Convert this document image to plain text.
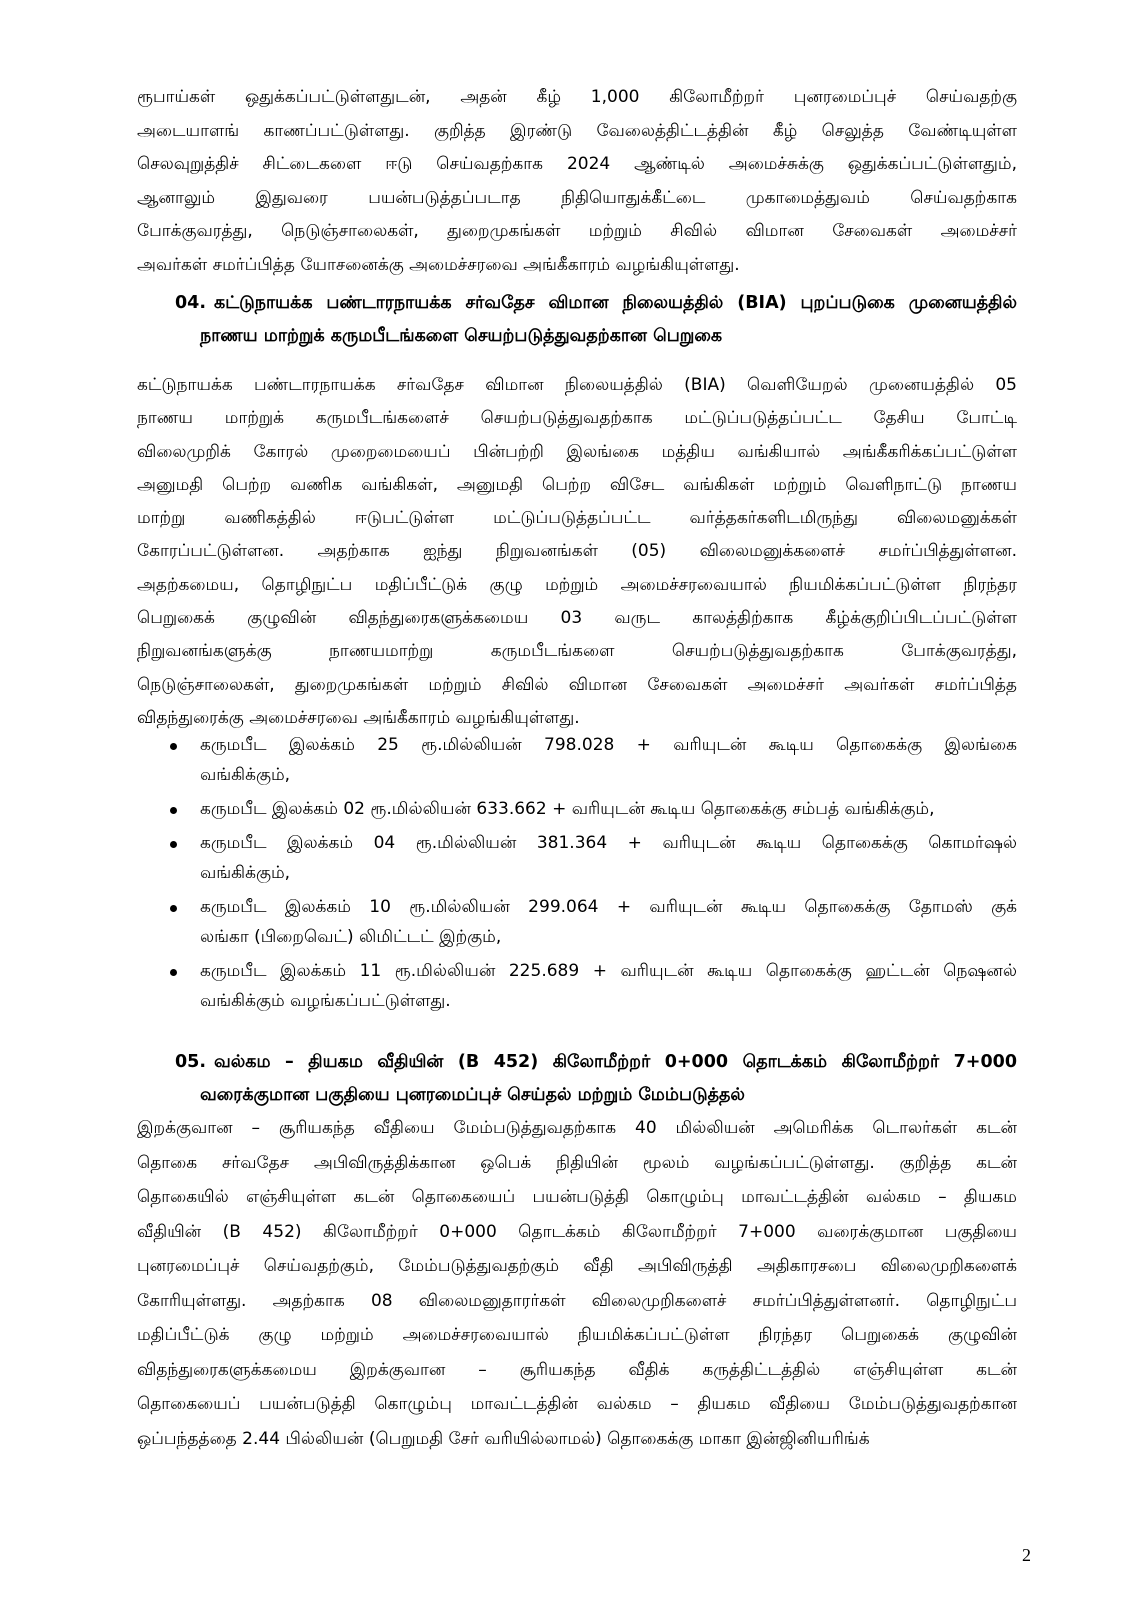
ரூபாய்கள் ஒதுக்கப்பட்டுள்ளதுடன், அதன் கீழ் 1,000 கிலோமீற்றர் புனரமைப்புச் செய்வதற்கு
அடையாளங் காணப்பட்டுள்ளது. குறித்த இரண்டு வேலைத்திட்டத்தின் கீழ் செலுத்த வேண்டியுள்ள
செலவுறுத்திச் சிட்டைகளை ஈடு செய்வதற்காக 2024 ஆண்டில் அமைச்சுக்கு ஒதுக்கப்பட்டுள்ளதும்,
ஆனாலும் இதுவரை பயன்படுத்தப்படாத நிதியொதுக்கீட்டை முகாமைத்துவம் செய்வதற்காக
போக்குவரத்து, நெடுஞ்சாலைகள், துறைமுகங்கள் மற்றும் சிவில் விமான சேவைகள் அமைச்சர்
அவர்கள் சமர்ப்பித்த யோசனைக்கு அமைச்சரவை அங்கீகாரம் வழங்கியுள்ளது.
04. கட்டுநாயக்க பண்டாரநாயக்க சர்வதேச விமான நிலையத்தில் (BIA) புறப்படுகை முனையத்தில்
நாணய மாற்றுக் கருமபீடங்களை செயற்படுத்துவதற்கான பெறுகை
கட்டுநாயக்க பண்டாரநாயக்க சர்வதேச விமான நிலையத்தில் (BIA) வெளியேறல் முனையத்தில் 05
நாணய மாற்றுக் கருமபீடங்களைச் செயற்படுத்துவதற்காக மட்டுப்படுத்தப்பட்ட தேசிய போட்டி
விலைமுறிக் கோரல் முறைமையைப் பின்பற்றி இலங்கை மத்திய வங்கியால் அங்கீகரிக்கப்பட்டுள்ள
அனுமதி பெற்ற வணிக வங்கிகள், அனுமதி பெற்ற விசேட வங்கிகள் மற்றும் வெளிநாட்டு நாணய
மாற்று வணிகத்தில் ஈடுபட்டுள்ள மட்டுப்படுத்தப்பட்ட வர்த்தகர்களிடமிருந்து விலைமனுக்கள்
கோரப்பட்டுள்ளன. அதற்காக ஐந்து நிறுவனங்கள் (05) விலைமனுக்களைச் சமர்ப்பித்துள்ளன.
அதற்கமைய, தொழிநுட்ப மதிப்பீட்டுக் குழு மற்றும் அமைச்சரவையால் நியமிக்கப்பட்டுள்ள நிரந்தர
பெறுகைக் குழுவின் விதந்துரைகளுக்கமைய 03 வருட காலத்திற்காக கீழ்க்குறிப்பிடப்பட்டுள்ள
நிறுவனங்களுக்கு நாணயமாற்று கருமபீடங்களை செயற்படுத்துவதற்காக போக்குவரத்து,
நெடுஞ்சாலைகள், துறைமுகங்கள் மற்றும் சிவில் விமான சேவைகள் அமைச்சர் அவர்கள் சமர்ப்பித்த
விதந்துரைக்கு அமைச்சரவை அங்கீகாரம் வழங்கியுள்ளது.
கருமபீட இலக்கம் 25 ரூ.மில்லியன் 798.028 + வரியுடன் கூடிய தொகைக்கு இலங்கை
வங்கிக்கும்,
கருமபீட இலக்கம் 02 ரூ.மில்லியன் 633.662 + வரியுடன் கூடிய தொகைக்கு சம்பத் வங்கிக்கும்,
கருமபீட இலக்கம் 04 ரூ.மில்லியன் 381.364 + வரியுடன் கூடிய தொகைக்கு கொமர்ஷல்
வங்கிக்கும்,
கருமபீட இலக்கம் 10 ரூ.மில்லியன் 299.064 + வரியுடன் கூடிய தொகைக்கு தோமஸ் குக்
லங்கா (பிறைவெட்) லிமிட்டட் இற்கும்,
கருமபீட இலக்கம் 11 ரூ.மில்லியன் 225.689 + வரியுடன் கூடிய தொகைக்கு ஹட்டன் நெஷனல்
வங்கிக்கும் வழங்கப்பட்டுள்ளது.
05. வல்கம – தியகம வீதியின் (B 452) கிலோமீற்றர் 0+000 தொடக்கம் கிலோமீற்றர் 7+000
வரைக்குமான பகுதியை புனரமைப்புச் செய்தல் மற்றும் மேம்படுத்தல்
இறக்குவான – சூரியகந்த வீதியை மேம்படுத்துவதற்காக 40 மில்லியன் அமெரிக்க டொலர்கள் கடன்
தொகை சர்வதேச அபிவிருத்திக்கான ஒபெக் நிதியின் மூலம் வழங்கப்பட்டுள்ளது. குறித்த கடன்
தொகையில் எஞ்சியுள்ள கடன் தொகையைப் பயன்படுத்தி கொழும்பு மாவட்டத்தின் வல்கம – தியகம
வீதியின் (B 452) கிலோமீற்றர் 0+000 தொடக்கம் கிலோமீற்றர் 7+000 வரைக்குமான பகுதியை
புனரமைப்புச் செய்வதற்கும், மேம்படுத்துவதற்கும் வீதி அபிவிருத்தி அதிகாரசபை விலைமுறிகளைக்
கோரியுள்ளது. அதற்காக 08 விலைமனுதாரர்கள் விலைமுறிகளைச் சமர்ப்பித்துள்ளனர். தொழிநுட்ப
மதிப்பீட்டுக் குழு மற்றும் அமைச்சரவையால் நியமிக்கப்பட்டுள்ள நிரந்தர பெறுகைக் குழுவின்
விதந்துரைகளுக்கமைய இறக்குவான – சூரியகந்த வீதிக் கருத்திட்டத்தில் எஞ்சியுள்ள கடன்
தொகையைப் பயன்படுத்தி கொழும்பு மாவட்டத்தின் வல்கம – தியகம வீதியை மேம்படுத்துவதற்கான
ஒப்பந்தத்தை 2.44 பில்லியன் (பெறுமதி சேர் வரியில்லாமல்) தொகைக்கு மாகா இன்ஜினியரிங்க்
2
